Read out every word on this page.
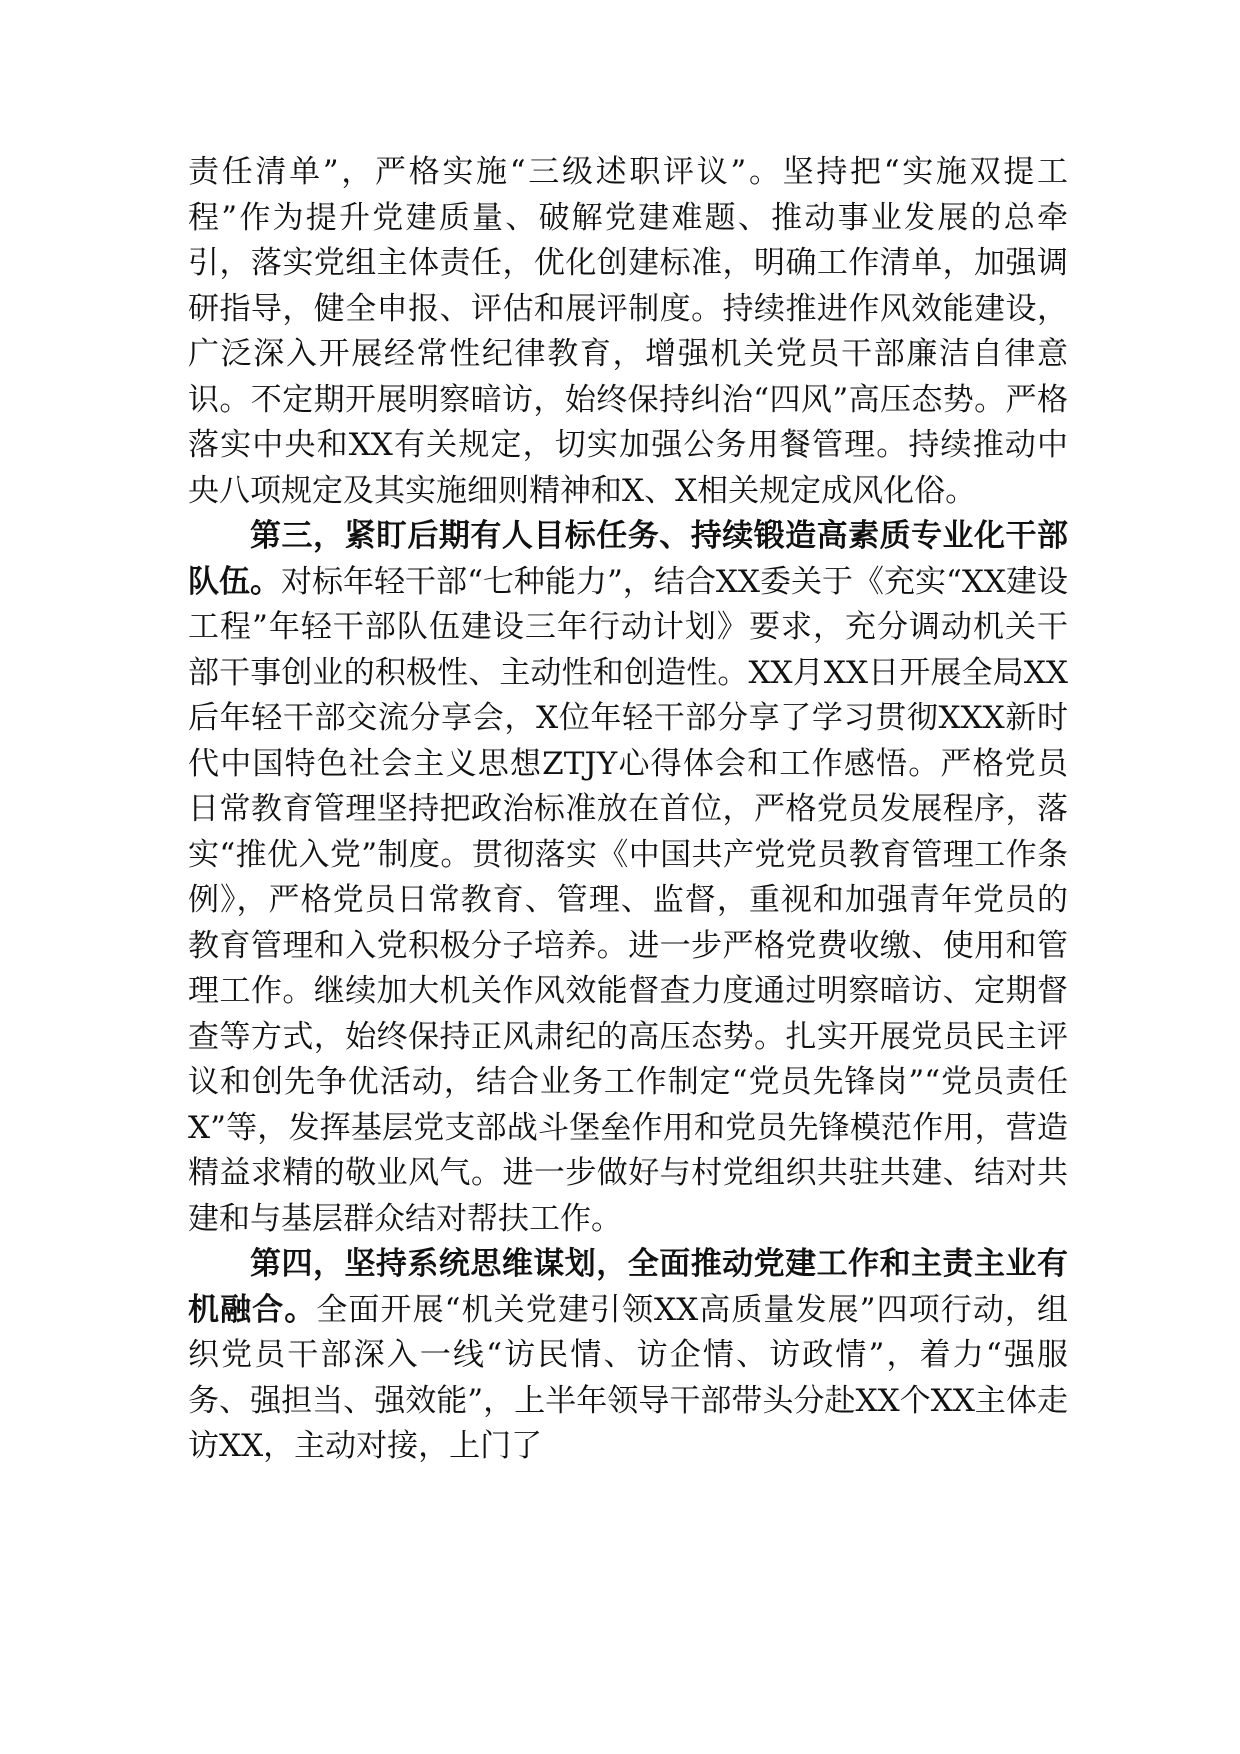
责任清单”，严格实施“三级述职评议”。坚持把“实施双提工程”作为提升党建质量、破解党建难题、推动事业发展的总牵引，落实党组主体责任，优化创建标准，明确工作清单，加强调研指导，健全申报、评估和展评制度。持续推进作风效能建设，广泛深入开展经常性纪律教育，增强机关党员干部廉洁自律意识。不定期开展明察暗访，始终保持纠治“四风”高压态势。严格落实中央和XX有关规定，切实加强公务用餐管理。持续推动中央八项规定及其实施细则精神和X、X相关规定成风化俗。

第三，紧盯后期有人目标任务、持续锻造高素质专业化干部队伍。对标年轻干部“七种能力”，结合XX委关于《充实“XX建设工程”年轻干部队伍建设三年行动计划》要求，充分调动机关干部干事创业的积极性、主动性和创造性。XX月XX日开展全局XX后年轻干部交流分享会，X位年轻干部分享了学习贯彻XXX新时代中国特色社会主义思想ZTJY心得体会和工作感悟。严格党员日常教育管理坚持把政治标准放在首位，严格党员发展程序，落实“推优入党”制度。贯彻落实《中国共产党党员教育管理工作条例》，严格党员日常教育、管理、监督，重视和加强青年党员的教育管理和入党积极分子培养。进一步严格党费收缴、使用和管理工作。继续加大机关作风效能督查力度通过明察暗访、定期督查等方式，始终保持正风肃纪的高压态势。扎实开展党员民主评议和创先争优活动，结合业务工作制定“党员先锋岗”“党员责任X”等，发挥基层党支部战斗堡垒作用和党员先锋模范作用，营造精益求精的敬业风气。进一步做好与村党组织共驻共建、结对共建和与基层群众结对帮扶工作。

第四，坚持系统思维谋划，全面推动党建工作和主责主业有机融合。全面开展“机关党建引领XX高质量发展”四项行动，组织党员干部深入一线“访民情、访企情、访政情”，着力“强服务、强担当、强效能”，上半年领导干部带头分赴XX个XX主体走访XX，主动对接，上门了
